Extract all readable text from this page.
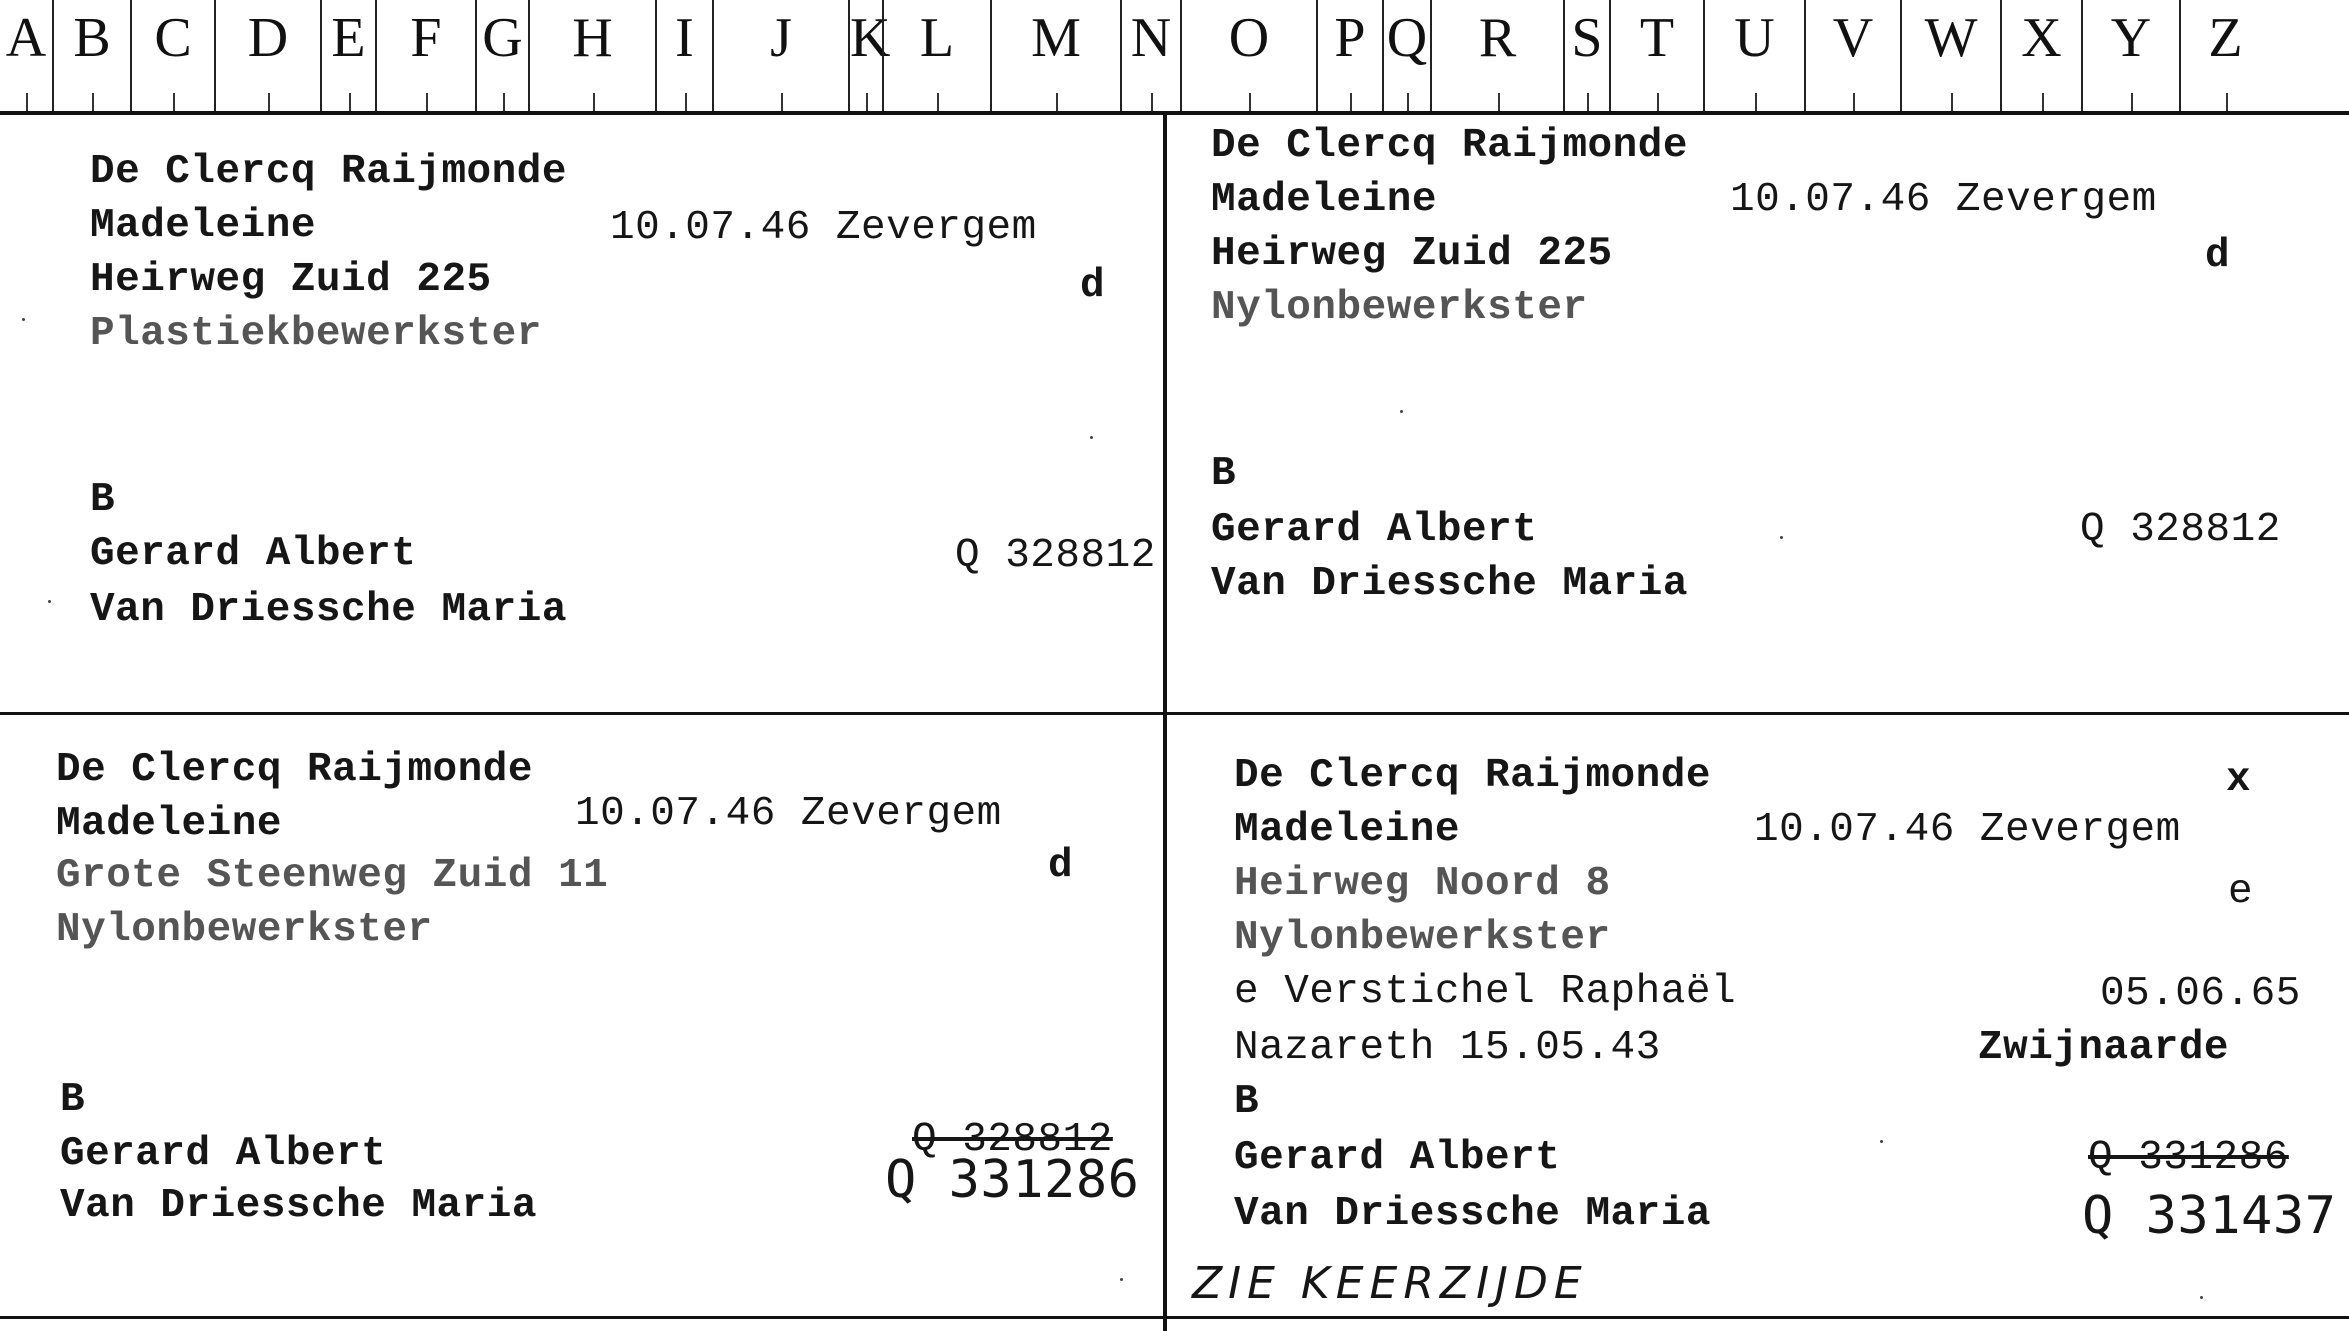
A B C	D E F G H	I	J	K L	M N	O	P Q R S T	U	V W X Y	Z
De Clercq Raijmonde
Madeleine	10.07.46 Zevergem
Heirweg Zuid 225	d
Plastiekbewerkster
B
Gerard Albert	Q 328812
Van Driessche Maria
De Clercq Raijmonde
Madeleine	10.07.46 Zevergem
Heirweg Zuid 225	d
Nylonbewerkster
B
Gerard Albert	Q 328812
Van Driessche Maria
De Clercq Raijmonde
Madeleine	10.07.46 Zevergem
Grote Steenweg Zuid 11	d
Nylonbewerkster
B
Gerard Albert	Q 328812
Q 331286
Van Driessche Maria
De Clercq Raijmonde	x
Madeleine	10.07.46 Zevergem
Heirweg Noord 8	e
Nylonbewerkster
e Verstichel Raphaël	05.06.65
Nazareth 15.05.43	Zwijnaarde
B
Gerard Albert	Q 331286
Van Driessche Maria	Q 331437
ZIE KEERZIJDE
